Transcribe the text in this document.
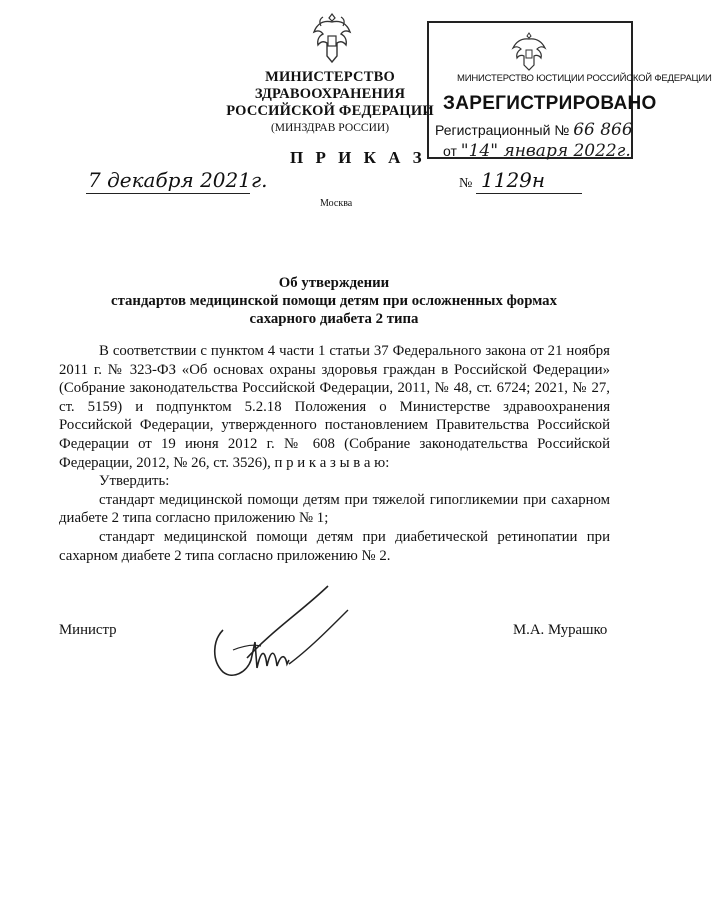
МИНИСТЕРСТВО ЗДРАВООХРАНЕНИЯ
РОССИЙСКОЙ ФЕДЕРАЦИИ
(МИНЗДРАВ РОССИИ)
МИНИСТЕРСТВО ЮСТИЦИИ РОССИЙСКОЙ ФЕДЕРАЦИИ
ЗАРЕГИСТРИРОВАНО
Регистрационный № 66 866
от "14" января 2022г.
П Р И К А З
7 декабря 2021г.
Москва
№ 1129н
Об утверждении
стандартов медицинской помощи детям при осложненных формах
сахарного диабета 2 типа

В соответствии с пунктом 4 части 1 статьи 37 Федерального закона от 21 ноября 2011 г. № 323-ФЗ «Об основах охраны здоровья граждан в Российской Федерации» (Собрание законодательства Российской Федерации, 2011, № 48, ст. 6724; 2021, № 27, ст. 5159) и подпунктом 5.2.18 Положения о Министерстве здравоохранения Российской Федерации, утвержденного постановлением Правительства Российской Федерации от 19 июня 2012 г. № 608 (Собрание законодательства Российской Федерации, 2012, № 26, ст. 3526), п р и к а з ы в а ю:

Утвердить:

стандарт медицинской помощи детям при тяжелой гипогликемии при сахарном диабете 2 типа согласно приложению № 1;

стандарт медицинской помощи детям при диабетической ретинопатии при сахарном диабете 2 типа согласно приложению № 2.

Министр	М.А. Мурашко
